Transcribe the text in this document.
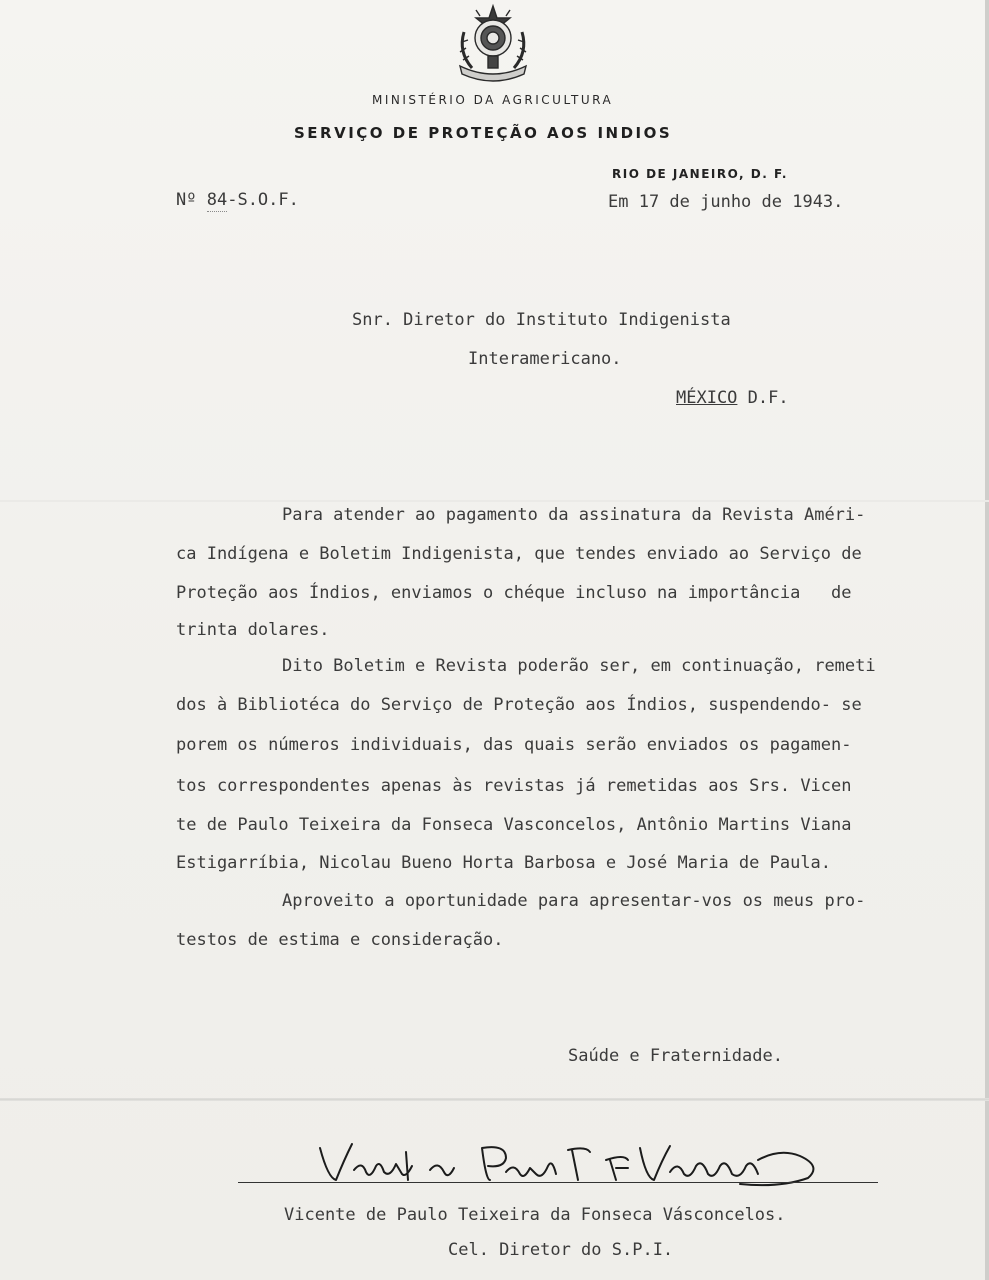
MINISTÉRIO DA AGRICULTURA
SERVIÇO DE PROTEÇÃO AOS INDIOS
RIO DE JANEIRO, D. F.
Nº 84-S.O.F.	Em 17 de junho de 1943.
Snr. Diretor do Instituto Indigenista
Interamericano.
MÉXICO D.F.
Para atender ao pagamento da assinatura da Revista Améri-
ca Indígena e Boletim Indigenista, que tendes enviado ao Serviço de
Proteção aos Índios, enviamos o chéque incluso na importância   de
trinta dolares.
Dito Boletim e Revista poderão ser, em continuação, remeti
dos à Bibliotéca do Serviço de Proteção aos Índios, suspendendo- se
porem os números individuais, das quais serão enviados os pagamen-
tos correspondentes apenas às revistas já remetidas aos Srs. Vicen
te de Paulo Teixeira da Fonseca Vasconcelos, Antônio Martins Viana
Estigarríbia, Nicolau Bueno Horta Barbosa e José Maria de Paula.
Aproveito a oportunidade para apresentar-vos os meus pro-
testos de estima e consideração.
Saúde e Fraternidade.
Vicente de Paulo Teixeira da Fonseca Vásconcelos.
Cel. Diretor do S.P.I.
